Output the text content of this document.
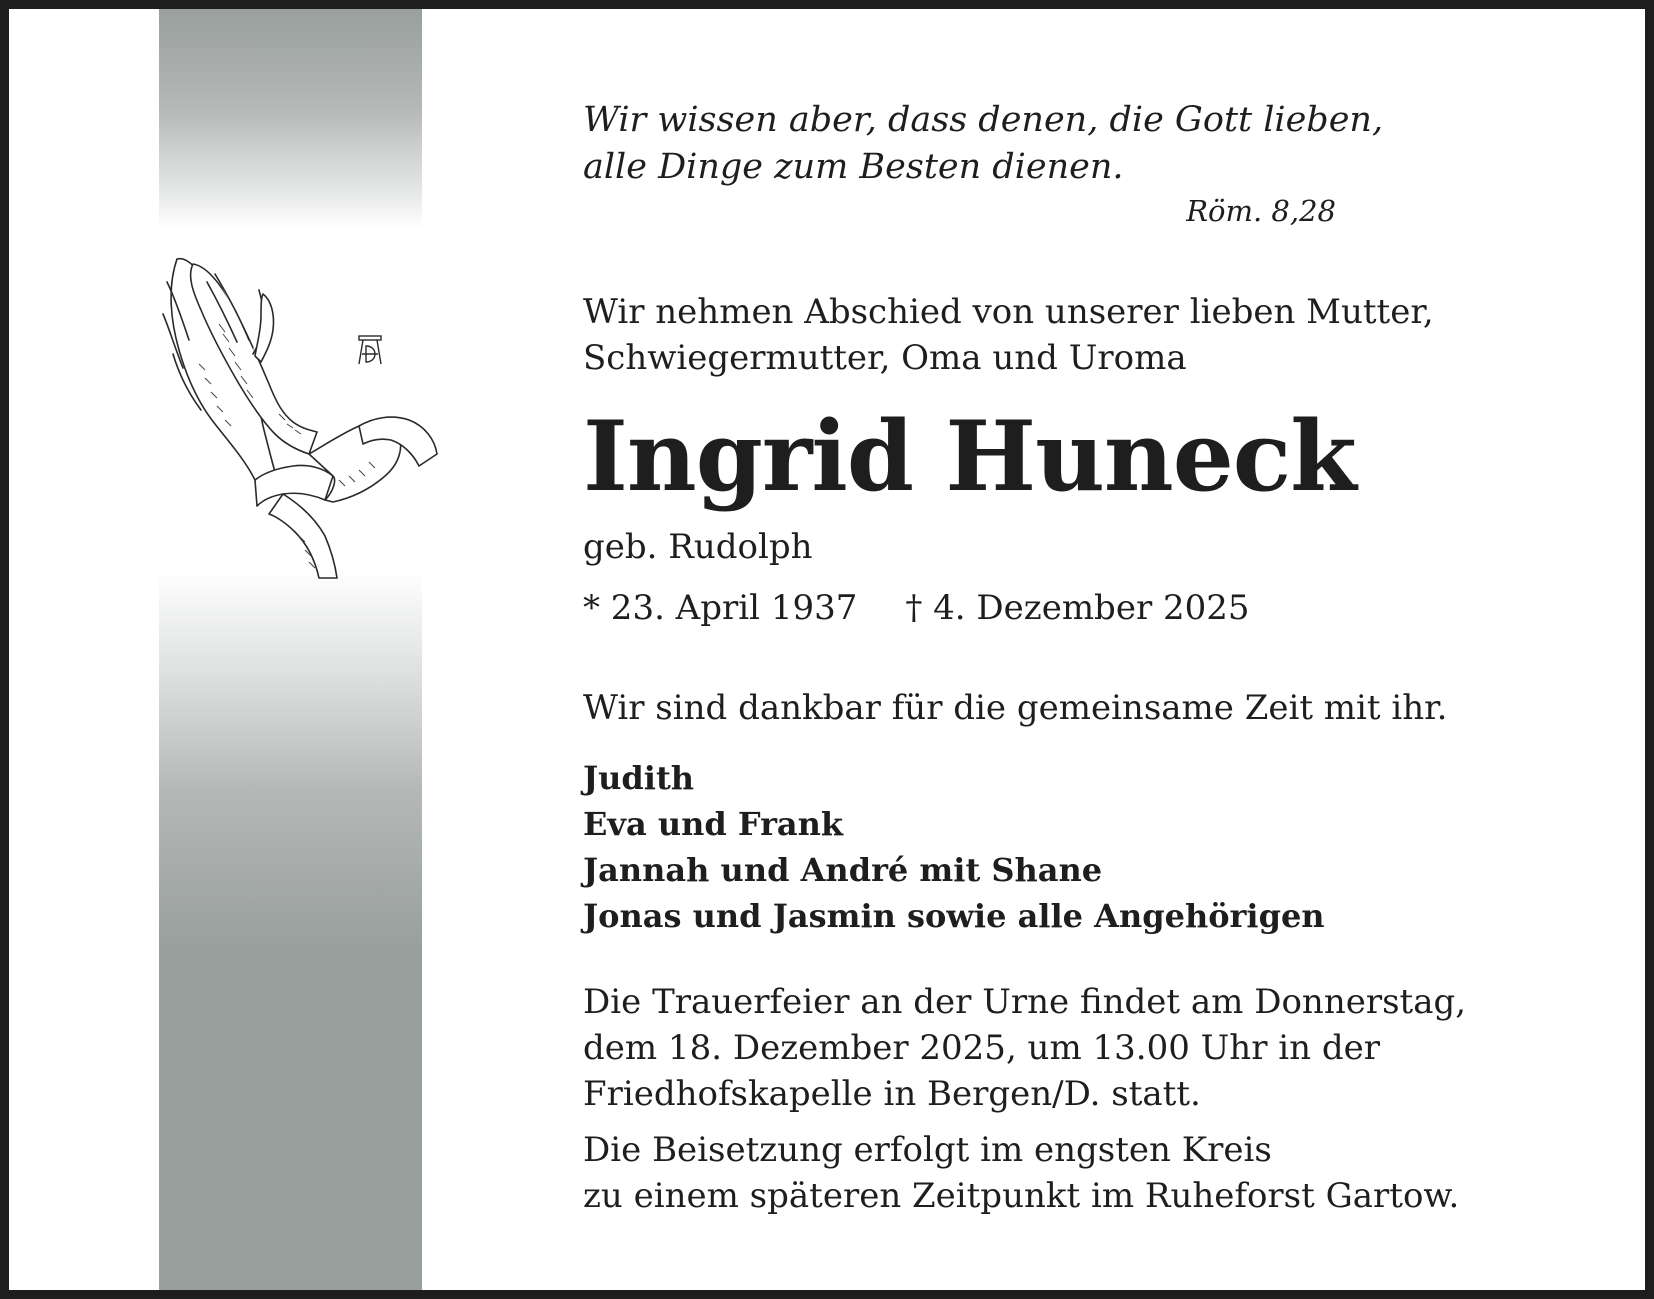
Wir wissen aber, dass denen, die Gott lieben,
alle Dinge zum Besten dienen.
Röm. 8,28
Wir nehmen Abschied von unserer lieben Mutter,
Schwiegermutter, Oma und Uroma
Ingrid Huneck
geb. Rudolph
* 23. April 1937 † 4. Dezember 2025
Wir sind dankbar für die gemeinsame Zeit mit ihr.
Judith
Eva und Frank
Jannah und André mit Shane
Jonas und Jasmin sowie alle Angehörigen
Die Trauerfeier an der Urne findet am Donnerstag,
dem 18. Dezember 2025, um 13.00 Uhr in der
Friedhofskapelle in Bergen/D. statt.
Die Beisetzung erfolgt im engsten Kreis
zu einem späteren Zeitpunkt im Ruheforst Gartow.
